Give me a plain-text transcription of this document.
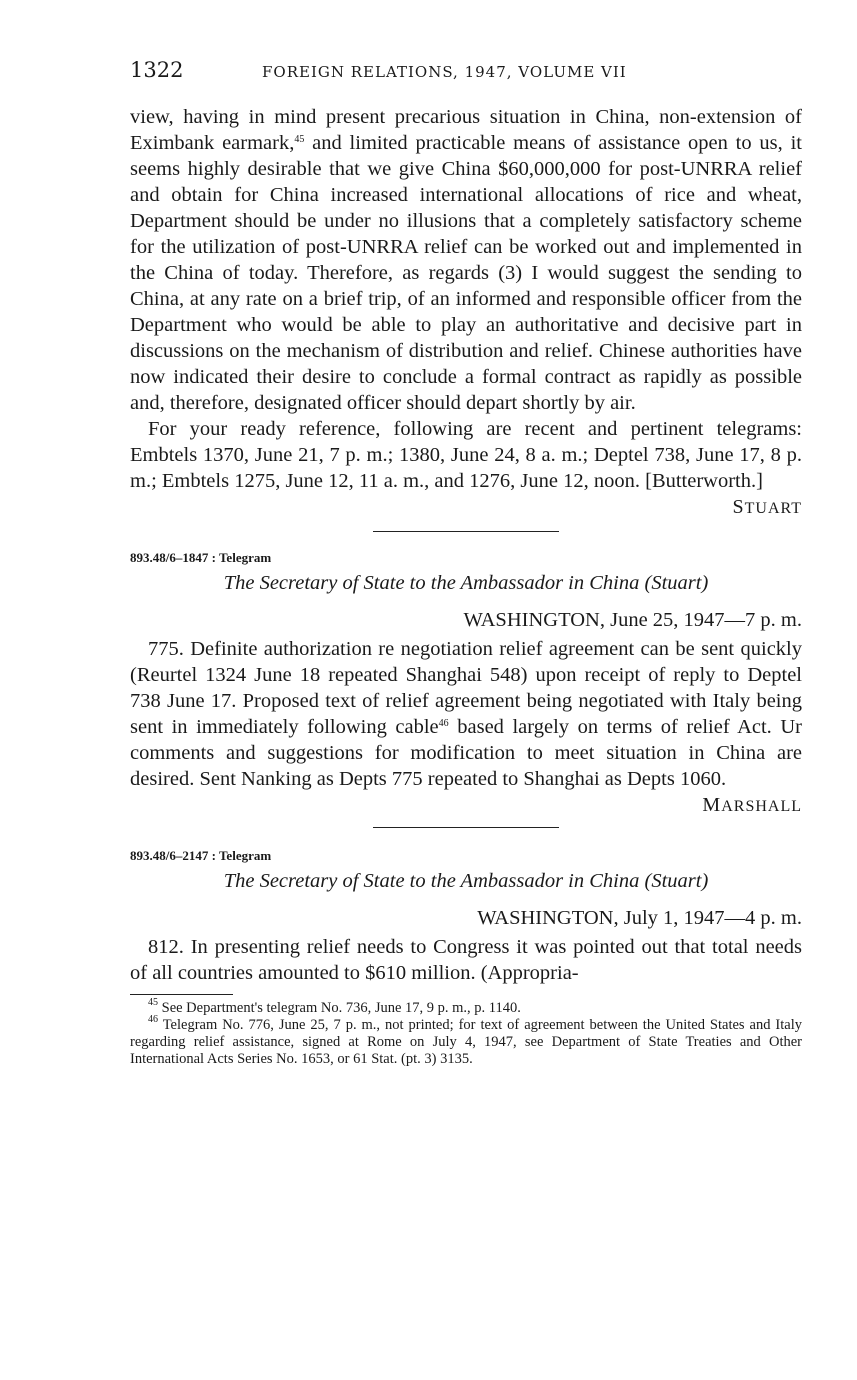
1322	FOREIGN RELATIONS, 1947, VOLUME VII

view, having in mind present precarious situation in China, non-extension of Eximbank earmark,$^{45}$ and limited practicable means of assistance open to us, it seems highly desirable that we give China $60,000,000 for post-UNRRA relief and obtain for China increased international allocations of rice and wheat, Department should be under no illusions that a completely satisfactory scheme for the utilization of post-UNRRA relief can be worked out and implemented in the China of today. Therefore, as regards (3) I would suggest the sending to China, at any rate on a brief trip, of an informed and responsible officer from the Department who would be able to play an authoritative and decisive part in discussions on the mechanism of distribution and relief. Chinese authorities have now indicated their desire to conclude a formal contract as rapidly as possible and, therefore, designated officer should depart shortly by air.

For your ready reference, following are recent and pertinent telegrams: Embtels 1370, June 21, 7 p. m.; 1380, June 24, 8 a. m.; Deptel 738, June 17, 8 p. m.; Embtels 1275, June 12, 11 a. m., and 1276, June 12, noon. [Butterworth.]

STUART

893.48/6–1847 : Telegram

The Secretary of State to the Ambassador in China (Stuart)

WASHINGTON, June 25, 1947—7 p. m.

775. Definite authorization re negotiation relief agreement can be sent quickly (Reurtel 1324 June 18 repeated Shanghai 548) upon receipt of reply to Deptel 738 June 17. Proposed text of relief agreement being negotiated with Italy being sent in immediately following cable$^{46}$ based largely on terms of relief Act. Ur comments and suggestions for modification to meet situation in China are desired. Sent Nanking as Depts 775 repeated to Shanghai as Depts 1060.

MARSHALL

893.48/6–2147 : Telegram

The Secretary of State to the Ambassador in China (Stuart)

WASHINGTON, July 1, 1947—4 p. m.

812. In presenting relief needs to Congress it was pointed out that total needs of all countries amounted to $610 million. (Appropria-

$^{45}$ See Department's telegram No. 736, June 17, 9 p. m., p. 1140.

$^{46}$ Telegram No. 776, June 25, 7 p. m., not printed; for text of agreement between the United States and Italy regarding relief assistance, signed at Rome on July 4, 1947, see Department of State Treaties and Other International Acts Series No. 1653, or 61 Stat. (pt. 3) 3135.
